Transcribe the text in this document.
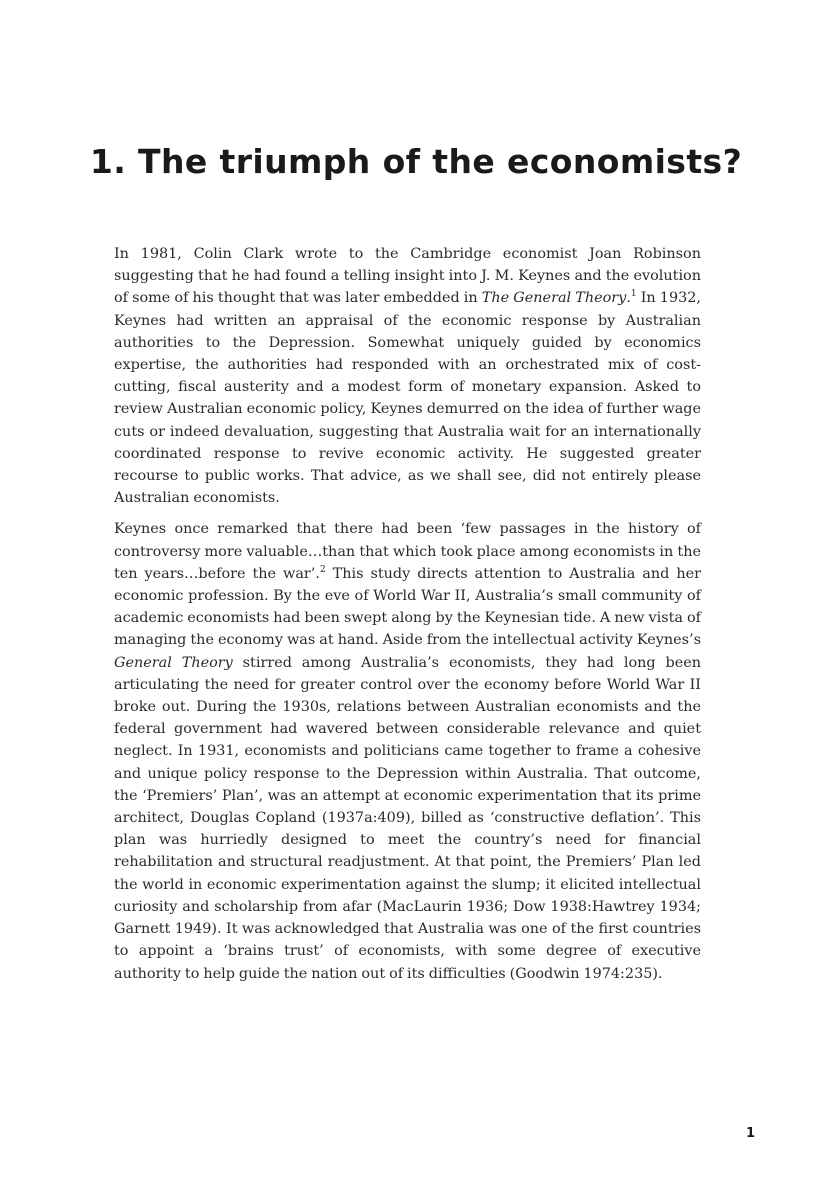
1. The triumph of the economists?

In 1981, Colin Clark wrote to the Cambridge economist Joan Robinson suggesting that he had found a telling insight into J. M. Keynes and the evolution of some of his thought that was later embedded in The General Theory.$^1$ In 1932, Keynes had written an appraisal of the economic response by Australian authorities to the Depression. Somewhat uniquely guided by economics expertise, the authorities had responded with an orchestrated mix of cost-cutting, fiscal austerity and a modest form of monetary expansion. Asked to review Australian economic policy, Keynes demurred on the idea of further wage cuts or indeed devaluation, suggesting that Australia wait for an internationally coordinated response to revive economic activity. He suggested greater recourse to public works. That advice, as we shall see, did not entirely please Australian economists.

Keynes once remarked that there had been ‘few passages in the history of controversy more valuable…than that which took place among economists in the ten years…before the war’.$^2$ This study directs attention to Australia and her economic profession. By the eve of World War II, Australia’s small community of academic economists had been swept along by the Keynesian tide. A new vista of managing the economy was at hand. Aside from the intellectual activity Keynes’s General Theory stirred among Australia’s economists, they had long been articulating the need for greater control over the economy before World War II broke out. During the 1930s, relations between Australian economists and the federal government had wavered between considerable relevance and quiet neglect. In 1931, economists and politicians came together to frame a cohesive and unique policy response to the Depression within Australia. That outcome, the ‘Premiers’ Plan’, was an attempt at economic experimentation that its prime architect, Douglas Copland (1937a:409), billed as ‘constructive deflation’. This plan was hurriedly designed to meet the country’s need for financial rehabilitation and structural readjustment. At that point, the Premiers’ Plan led the world in economic experimentation against the slump; it elicited intellectual curiosity and scholarship from afar (MacLaurin 1936; Dow 1938:Hawtrey 1934; Garnett 1949). It was acknowledged that Australia was one of the first countries to appoint a ‘brains trust’ of economists, with some degree of executive authority to help guide the nation out of its difficulties (Goodwin 1974:235).

1
